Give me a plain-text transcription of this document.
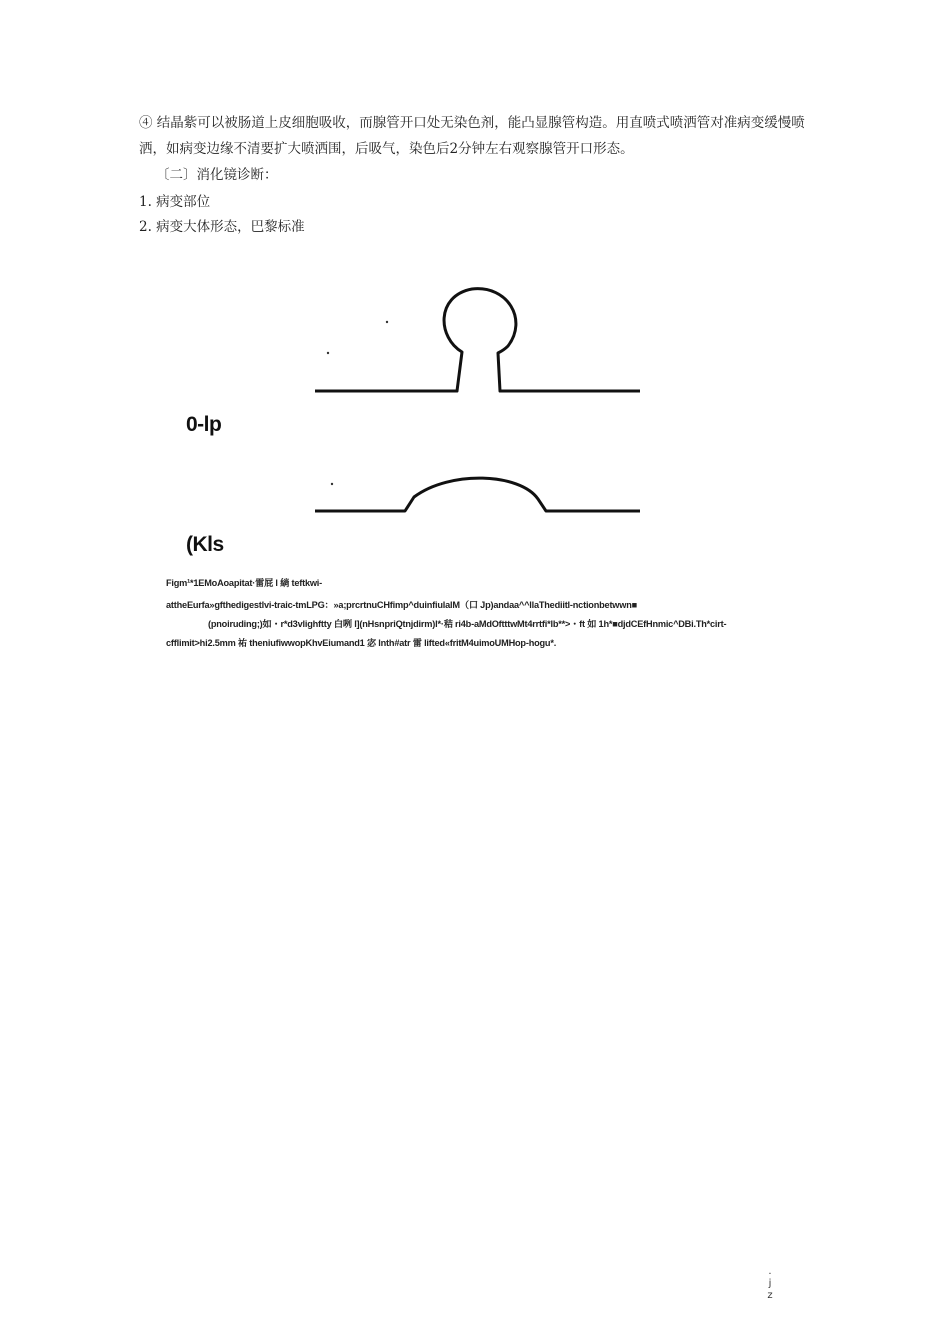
④ 结晶紫可以被肠道上皮细胞吸收，而腺管开口处无染色剂，能凸显腺管构造。用直喷式喷洒管对准病变缓慢喷洒，如病变边缘不清要扩大喷洒围，后吸气，染色后2分钟左右观察腺管开口形态。
〔二〕消化镜诊断：
1. 病变部位
2. 病变大体形态，巴黎标准
0-lp
(Kls
Figm¹*1EMoAoapitat·雷屁 l 緔 teftkwi-
attheEurfa»gfthedigestlvi-traic-tmLPG：»a;prcrtnuCHfimp^duinfiulalM（口 Jp)andaa^^llaThediitl-nctionbetwwn■
(pnoiruding;)如・r*d3vlighftty 白咧 l](nHsnpriQtnjdirm)l*·秸 ri4b-aMdOftttwMt4rrtfi*lb**>・ft 如 1h*■djdCEfHnmic^DBi.Th*cirt-
cfflimit>hi2.5mm 祐 theniufiwwopKhvEiumand1 宓 lnth#atr 雷 lifted«fritM4uimoUMHop-hogu*.
.
j
z
